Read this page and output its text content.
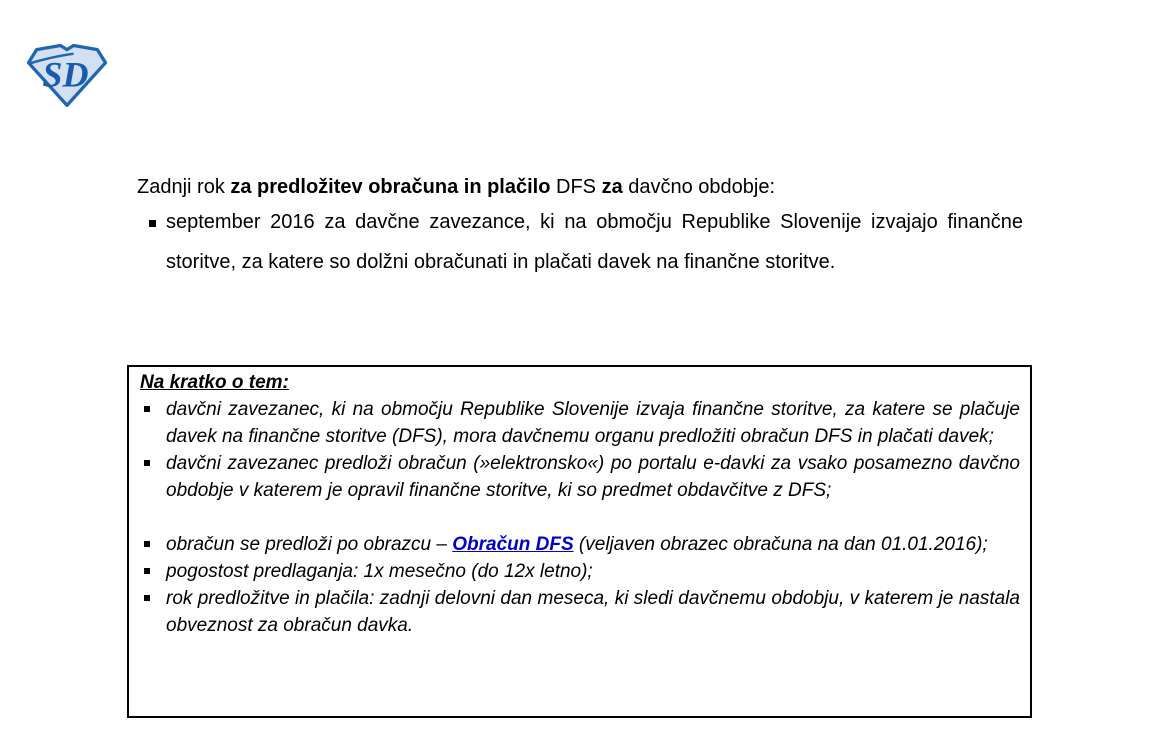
SD

Zadnji rok za predložitev obračuna in plačilo DFS za davčno obdobje:

september 2016 za davčne zavezance, ki na območju Republike Slovenije izvajajo finančne storitve, za katere so dolžni obračunati in plačati davek na finančne storitve.
Na kratko o tem:
davčni zavezanec, ki na območju Republike Slovenije izvaja finančne storitve, za katere se plačuje davek na finančne storitve (DFS), mora davčnemu organu predložiti obračun DFS in plačati davek;
davčni zavezanec predloži obračun (»elektronsko«) po portalu e-davki za vsako posamezno davčno obdobje v katerem je opravil finančne storitve, ki so predmet obdavčitve z DFS;
obračun se predloži po obrazcu – Obračun DFS (veljaven obrazec obračuna na dan 01.01.2016);
pogostost predlaganja: 1x mesečno (do 12x letno);
rok predložitve in plačila: zadnji delovni dan meseca, ki sledi davčnemu obdobju, v katerem je nastala obveznost za obračun davka.
